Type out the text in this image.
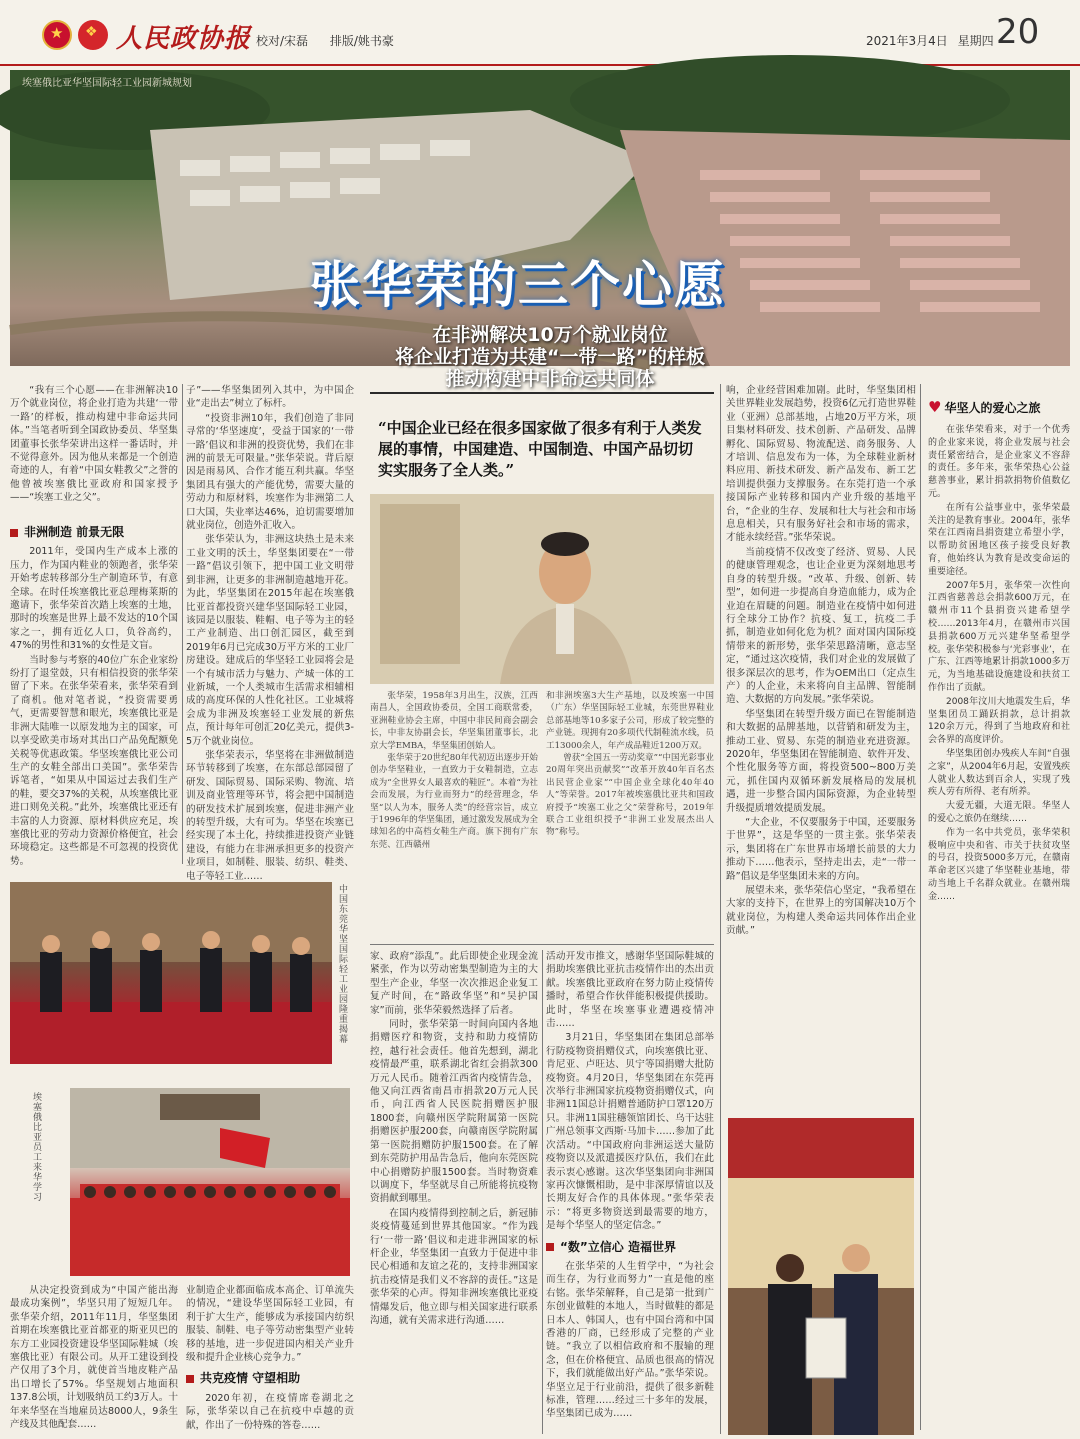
★
❖
人民政协报 校对/宋磊 排版/姚书豪	2021年3月4日 星期四 20
埃塞俄比亚华坚国际轻工业园新城规划
张华荣的三个心愿
在非洲解决10万个就业岗位
将企业打造为共建“一带一路”的样板
推动构建中非命运共同体

“我有三个心愿——在非洲解决10万个就业岗位，将企业打造为共建‘一带一路’的样板，推动构建中非命运共同体。”当笔者听到全国政协委员、华坚集团董事长张华荣讲出这样一番话时，并不觉得意外。因为他从来都是一个创造奇迹的人，有着“中国女鞋教父”之誉的他曾被埃塞俄比亚政府和国家授予——“埃塞工业之父”。

非洲制造 前景无限

2011年，受国内生产成本上涨的压力，作为国内鞋业的领跑者，张华荣开始考虑转移部分生产制造环节，有意全球。在时任埃塞俄比亚总理梅莱斯的邀请下，张华荣首次踏上埃塞的土地，那时的埃塞是世界上最不发达的10个国家之一，拥有近亿人口，负谷高约，47%的男性和31%的女性是文盲。

当时参与考察的40位广东企业家纷纷打了退堂鼓，只有相信投资的张华荣留了下来。在张华荣看来，张华荣看到了商机。他对笔者说，“投资需要勇气，更需要智慧和眼光，埃塞俄比亚是非洲大陆唯一以原发地为主的国家，可以享受欧美市场对其出口产品免配额免关税等优惠政策。华坚埃塞俄比亚公司生产的女鞋全部出口美国”。张华荣告诉笔者，“如果从中国运过去我们生产的鞋，要交37%的关税，从埃塞俄比亚进口则免关税。”此外，埃塞俄比亚还有丰富的人力资源、原材料供应充足，埃塞俄比亚的劳动力资源价格便宜，社会环境稳定。这些都是不可忽视的投资优势。

子”——华坚集团列入其中，为中国企业“走出去”树立了标杆。

“投资非洲10年，我们创造了非同寻常的‘华坚速度’，受益于国家的‘一带一路’倡议和非洲的投资优势，我们在非洲的前景无可限量。”张华荣说。背后原因是雨易风、合作才能互利共赢。华坚集团具有强大的产能优势，需要大量的劳动力和原材料，埃塞作为非洲第二人口大国，失业率达46%，迫切需要增加就业岗位，创造外汇收入。

张华荣认为，非洲这块热土是未来工业文明的沃土，华坚集团要在“一带一路”倡议引领下，把中国工业文明带到非洲，让更多的非洲制造越地开花。为此，华坚集团在2015年起在埃塞俄比亚首都投资兴建华坚国际轻工业园，该园是以服装、鞋帽、电子等为主的轻工产业制造、出口创汇园区，截至到2019年6月已完成30万平方米的工业厂房建设。建成后的华坚轻工业园将会是一个有城市活力与魅力、产城一体的工业新城，一个人类城市生活需求相辅相成的高度环保的人性化社区。工业城将会成为非洲及埃塞轻工业发展的新焦点，预计每年可创汇20亿美元，提供3-5万个就业岗位。

张华荣表示，华坚将在非洲做制造环节转移到了埃塞，在东部总部园留了研发、国际贸易、国际采购、物流、培训及商业管理等环节，将会把中国制造的研发技术扩展到埃塞，促进非洲产业的转型升级，大有可为。华坚在埃塞已经实现了本土化，持续推进投资产业链建设，有能力在非洲承担更多的投资产业项目，如制鞋、服装、纺织、鞋类、电子等轻工业……

“中国企业已经在很多国家做了很多有利于人类发展的事情，中国建造、中国制造、中国产品切切实实服务了全人类。”

张华荣，1958年3月出生，汉族，江西南昌人，全国政协委员，全国工商联常委，亚洲鞋业协会主席，中国中非民间商会副会长，中非友协副会长，华坚集团董事长，北京大学EMBA，华坚集团创始人。

张华荣于20世纪80年代初迈出逐步开始创办华坚鞋业，一直致力于女鞋制造，立志成为“全世界女人最喜欢的鞋匠”。本着“为社会而发展，为行业而努力”的经营理念，华坚“以人为本，服务人类”的经营宗旨，成立于1996年的华坚集团，通过激发发展成为全球知名的中高档女鞋生产商。旗下拥有广东东莞、江西赣州

和非洲埃塞3大生产基地，以及埃塞一中国（广东）华坚国际轻工业城，东莞世界鞋业总部基地等10多家子公司，形成了较完整的产业链。现拥有20多项代代制鞋流水线，员工13000余人，年产成品鞋近1200万双。

曾获“全国五一劳动奖章”“中国光彩事业20周年突出贡献奖”“改革开放40年百名杰出民营企业家”“中国企业全球化40年40人”等荣誉。2017年被埃塞俄比亚共和国政府授予“埃塞工业之父”荣誉称号，2019年联合工业组织授予“非洲工业发展杰出人物”称号。

响，企业经营困难加剧。此时，华坚集团相关世界鞋业发展趋势，投资6亿元打造世界鞋业（亚洲）总部基地，占地20万平方米，项目集材料研发、技术创新、产品研发、品牌孵化、国际贸易、物流配送、商务服务、人才培训、信息发布为一体，为全球鞋业新材料应用、新技术研发、新产品发布、新工艺培训提供强力支撑服务。在东莞打造一个承接国际产业转移和国内产业升级的基地平台，“企业的生存、发展和壮大与社会和市场息息相关，只有服务好社会和市场的需求，才能永续经营。”张华荣说。

当前疫情不仅改变了经济、贸易、人民的健康管理观念，也让企业更为深刻地思考自身的转型升级。“改革、升级、创新、转型”，如何进一步提高自身造血能力，成为企业迫在眉睫的问题。制造业在疫情中如何进行全球分工协作？抗疫、复工，抗疫二手抓，制造业如何化危为机？面对国内国际疫情带来的新形势，张华荣思路清晰，意志坚定，“通过这次疫情，我们对企业的发展做了很多深层次的思考，作为OEM出口（定点生产）的人企业，未来将向自主品牌、智能制造、大数据的方向发展。”张华荣说。

华坚集团在转型升级方面已在智能制造和大数据的品牌基地，以营销和研发为主，推动工业、贸易、东莞的制造业充进资源。2020年，华坚集团在智能制造、软件开发、个性化服务等方面，将投资500~800万美元，抓住国内双循环新发展格局的发展机遇，进一步整合国内国际资源，为企业转型升级提质增效提质发展。

“大企业，不仅要服务于中国，还要服务于世界”，这是华坚的一贯主张。张华荣表示，集团将在广东世界市场增长前景的大力推动下……他表示，坚持走出去，走“一带一路”倡议是华坚集团未来的方向。

展望未来，张华荣信心坚定，“我希望在大家的支持下，在世界上的穷国解决10万个就业岗位，为构建人类命运共同体作出企业贡献。”

♥ 华坚人的爱心之旅

在张华荣看来，对于一个优秀的企业家来说，将企业发展与社会责任紧密结合，是企业家义不容辞的责任。多年来，张华荣热心公益慈善事业，累计捐款捐物价值数亿元。

在所有公益事业中，张华荣最关注的是教育事业。2004年，张华荣在江西南昌捐资建立希望小学，以帮助贫困地区孩子接受良好教育，他始终认为教育是改变命运的重要途径。

2007年5月，张华荣一次性向江西省慈善总会捐款600万元，在赣州市11个县捐资兴建希望学校……2013年4月，在赣州市兴国县捐款600万元兴建华坚希望学校。张华荣积极参与‘光彩事业’，在广东、江西等地累计捐款1000多万元，为当地基础设施建设和扶贫工作作出了贡献。

2008年汶川大地震发生后，华坚集团员工踊跃捐款，总计捐款120余万元，得到了当地政府和社会各界的高度评价。

华坚集团创办残疾人车间“自强之家”，从2004年6月起，安置残疾人就业人数达到百余人，实现了残疾人劳有所得、老有所养。

大爱无疆，大道无限。华坚人的爱心之旅仍在继续……

作为一名中共党员，张华荣积极响应中央和省、市关于扶贫攻坚的号召，投资5000多万元，在赣南革命老区兴建了华坚鞋业基地，带动当地上千名群众就业。在赣州瑞金……

中国东莞华坚国际轻工业园隆重揭幕
埃塞俄比亚员工来华学习

从决定投资到成为“中国产能出海最成功案例”，华坚只用了短短几年。张华荣介绍，2011年11月，华坚集团首期在埃塞俄比亚首都亚的斯亚贝巴的东方工业园投资建设华坚国际鞋城（埃塞俄比亚）有限公司。从开工建设到投产仅用了3个月，就使首当地皮鞋产品出口增长了57%。华坚规划占地面积137.8公顷，计划吸纳员工约3万人。十年来华坚在当地雇员达8000人，9条生产线及其他配套……

业制造企业都面临成本高企、订单流失的情况，“建设华坚国际轻工业园，有利于扩大生产，能够成为承接国内纺织服装、制鞋、电子等劳动密集型产业转移的基地，进一步促进国内相关产业升级和提升企业核心竞争力。”

共克疫情 守望相助

2020年初，在疫情席卷湖北之际，张华荣以自己在抗疫中卓越的贡献，作出了一份特殊的答卷……

家、政府“添乱”。此后即使企业现金流紧张，作为以劳动密集型制造为主的大型生产企业，华坚一次次推迟企业复工复产时间，在“路政华坚”和“吴护国家”而前，张华荣毅然选择了后者。

同时，张华荣第一时间向国内各地捐赠医疗和物资，支持和助力疫情防控，越行社会责任。他首先想到，湖北疫情最严重，联系湖北省红会捐款300万元人民币。随着江西省内疫情告急，他又向江西省南昌市捐款20万元人民币，向江西省人民医院捐赠医护服1800套，向赣州医学院附属第一医院捐赠医护服200套，向赣南医学院附属第一医院捐赠防护服1500套。在了解到东莞防护用品告急后，他向东莞医院中心捐赠防护服1500套。当时物资难以调度下，华坚就尽自己所能将抗疫物资捐献到哪里。

在国内疫情得到控制之后，新冠肺炎疫情蔓延到世界其他国家。“作为践行‘一带一路’倡议和走进非洲国家的标杆企业，华坚集团一直致力于促进中非民心相通和友谊之花的，支持非洲国家抗击疫情是我们义不容辞的责任。”这是张华荣的心声。得知非洲埃塞俄比亚疫情爆发后，他立即与相关国家进行联系沟通，就有关需求进行沟通……

活动开发市推文，感谢华坚国际鞋城的捐助埃塞俄比亚抗击疫情作出的杰出贡献。埃塞俄比亚政府在努力防止疫情传播时，希望合作伙伴能积极提供援助。此时，华坚在埃塞事业遭遇疫情冲击……

3月21日，华坚集团在集团总部举行防疫物资捐赠仪式，向埃塞俄比亚、肯尼亚、卢旺达、贝宁等国捐赠大批防疫物资。4月20日，华坚集团在东莞再次举行非洲国家抗疫物资捐赠仪式，向非洲11国总计捐赠普通防护口罩120万只。非洲11国驻穗领馆团长、乌干达驻广州总领事文西斯·马加卡……参加了此次活动。“中国政府向非洲运送大量防疫物资以及派遣援医疗队伍，我们在此表示衷心感谢。这次华坚集团向非洲国家再次慷慨相助，是中非深厚情谊以及长期友好合作的具体体现。”张华荣表示：“将更多物资送到最需要的地方，是每个华坚人的坚定信念。”

“数”立信心 造福世界

在张华荣的人生哲学中，“为社会而生存，为行业而努力”一直是他的座右铭。张华荣解释，自己是第一批到广东创业做鞋的本地人，当时做鞋的都是日本人、韩国人，也有中国台湾和中国香港的厂商，已经形成了完整的产业链。“我立了以相信政府和不服输的理念，但在价格便宜、品质也很高的情况下，我们就能做出好产品。”张华荣说。华坚立足于行业前沿，提供了很多新鞋标准，管理……经过三十多年的发展，华坚集团已成为……
